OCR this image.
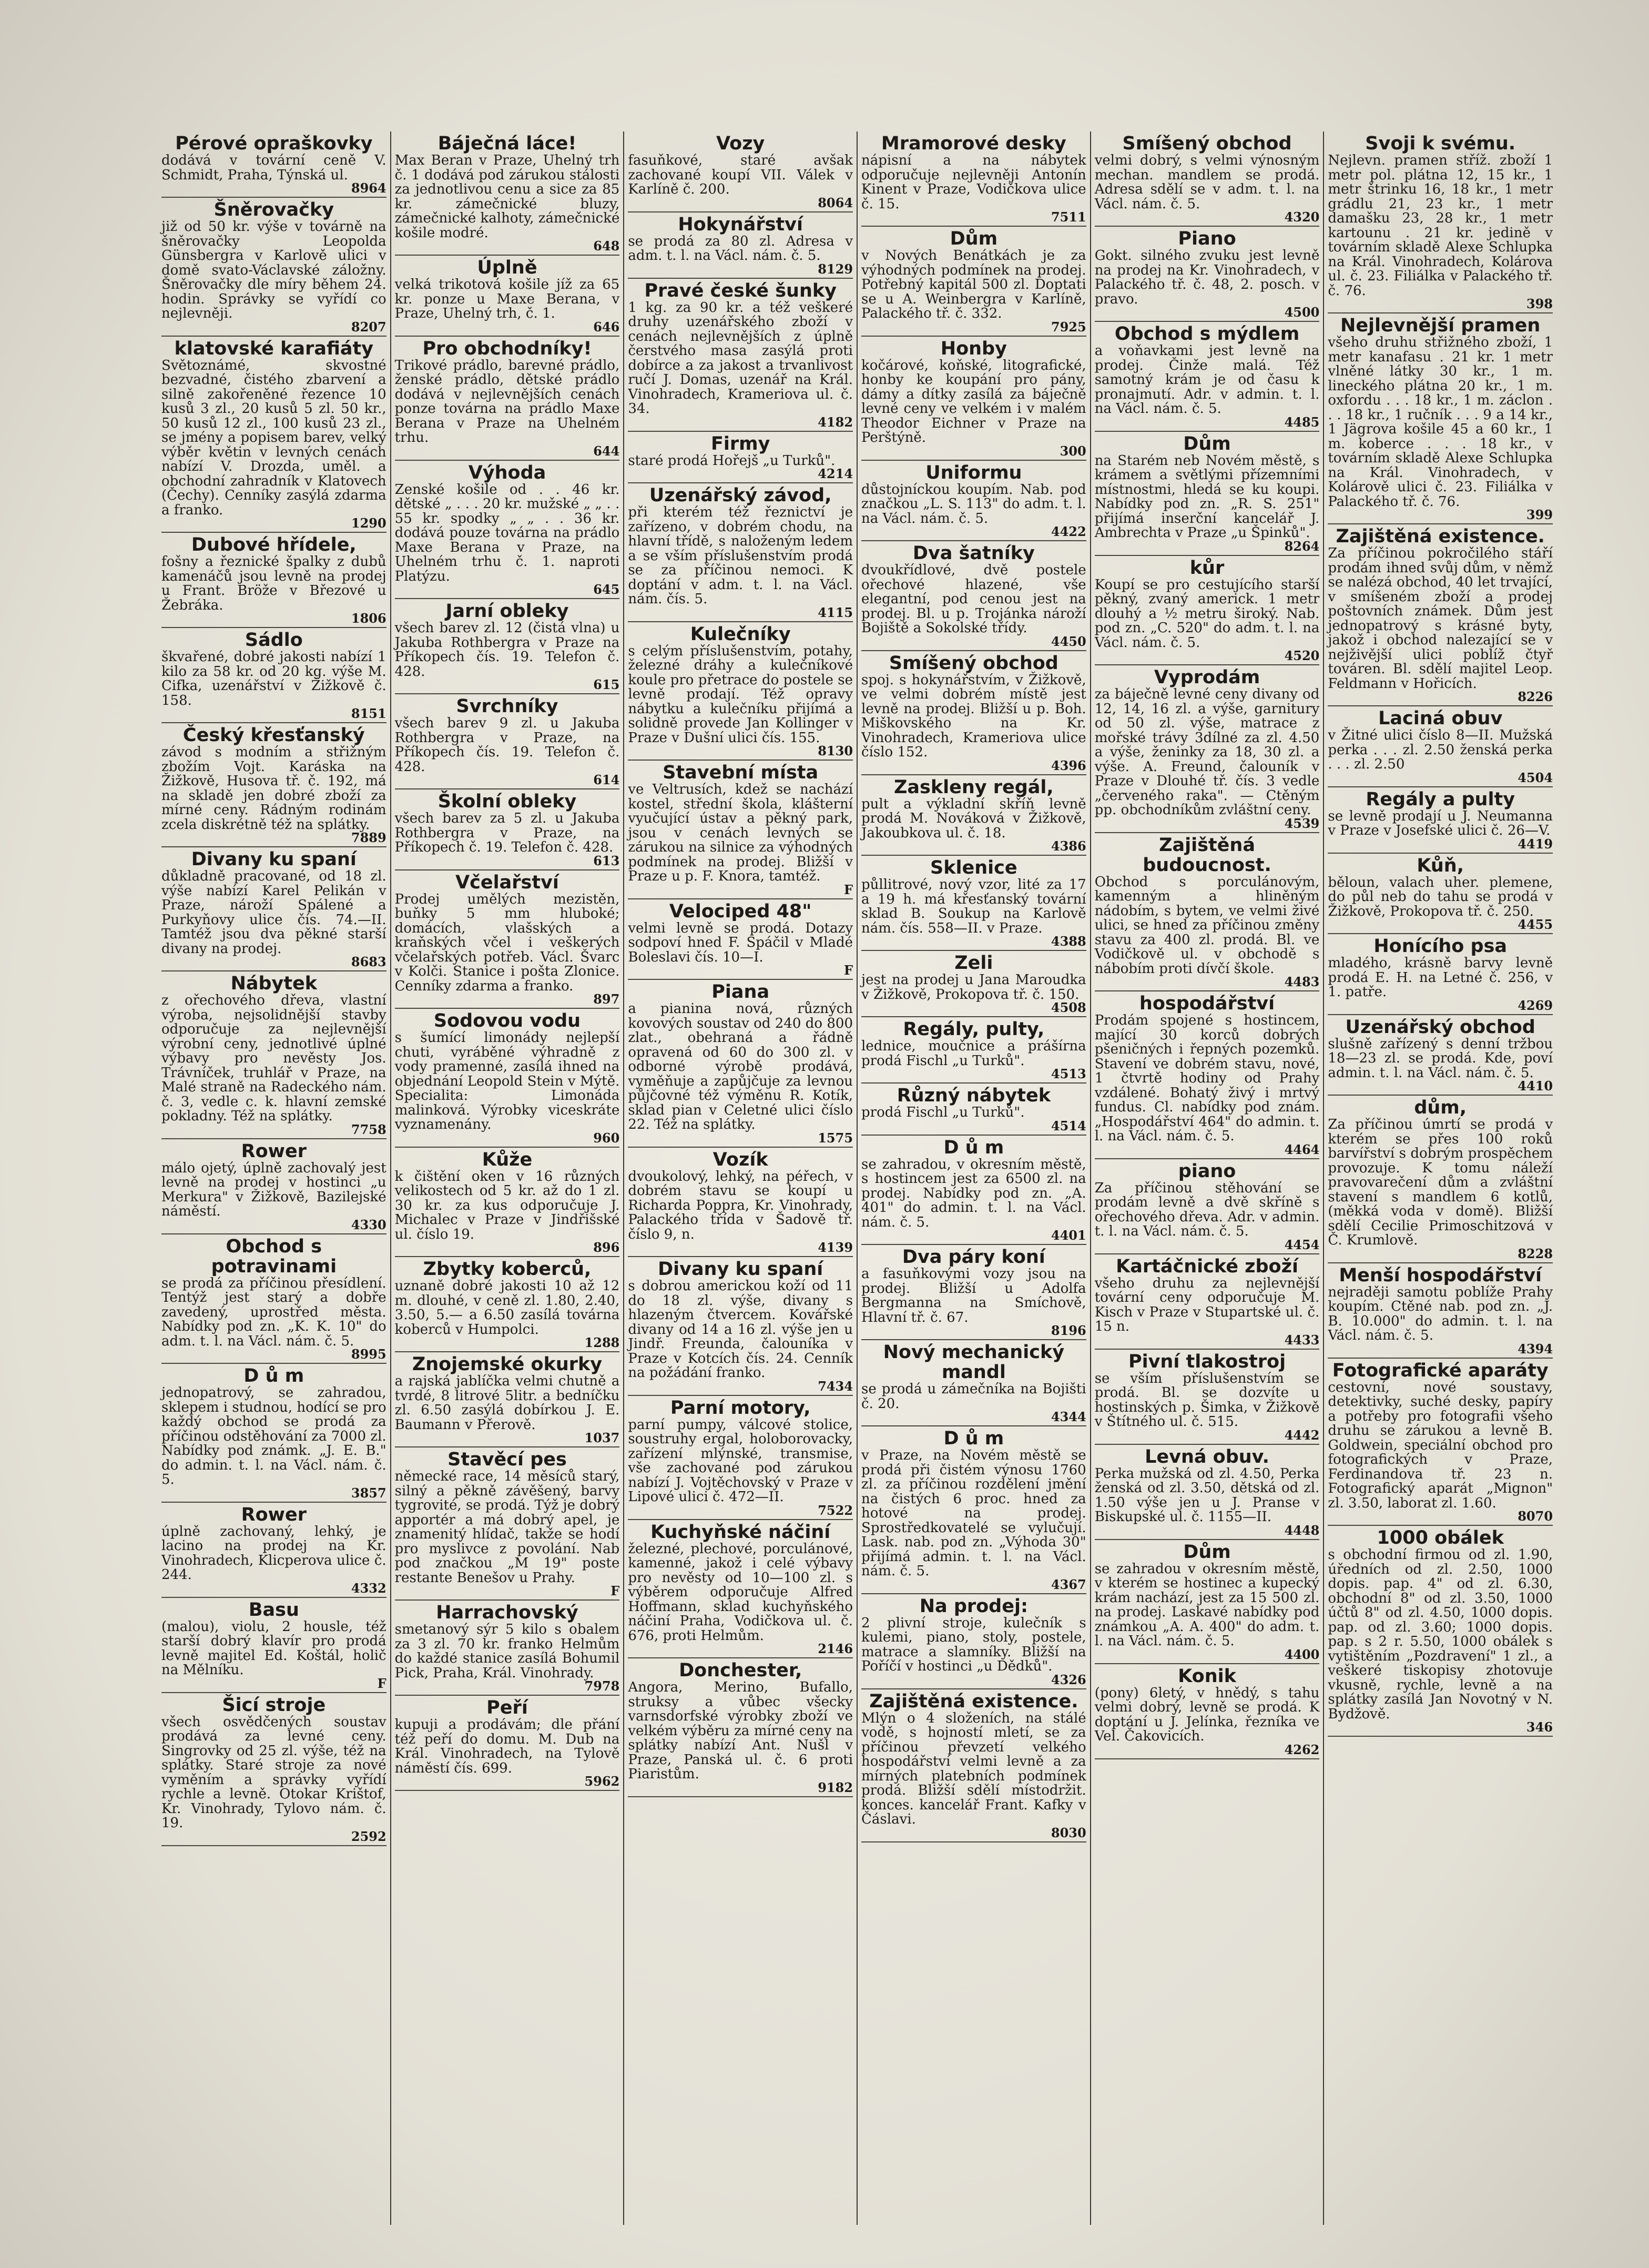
Pérové opraškovky

dodává v tovární ceně V. Schmidt, Praha, Týnská ul.

8964
Šněrovačky

již od 50 kr. výše v továrně na šněrovačky Leopolda Günsbergra v Karlově ulici v domě svato-Václavské záložny. Šněrovačky dle míry během 24. hodin. Správky se vyřídí co nejlevněji.

8207
klatovské karafiáty

Světoznámé, skvostné bezvadné, čistého zbarvení a silně zakořeněné řezence 10 kusů 3 zl., 20 kusů 5 zl. 50 kr., 50 kusů 12 zl., 100 kusů 23 zl., se jmény a popisem barev, velký výběr květin v levných cenách nabízí V. Drozda, uměl. a obchodní zahradník v Klatovech (Čechy). Cenníky zasýlá zdarma a franko.

1290
Dubové hřídele,

fošny a řeznické špalky z dubů kamenáčů jsou levně na prodej u Frant. Bröže v Březové u Žebráka.

1806
Sádlo

škvařené, dobré jakosti nabízí 1 kilo za 58 kr. od 20 kg. výše M. Cifka, uzenářství v Žižkově č. 158.

8151
Český křesťanský

závod s modním a střižným zbožím Vojt. Karáska na Žižkově, Husova tř. č. 192, má na skladě jen dobré zboží za mírné ceny. Rádným rodinám zcela diskrétně též na splátky.

7889
Divany ku spaní

důkladně pracované, od 18 zl. výše nabízí Karel Pelikán v Praze, nároží Spálené a Purkyňovy ulice čís. 74.—II. Tamtéž jsou dva pěkné starší divany na prodej.

8683
Nábytek

z ořechového dřeva, vlastní výroba, nejsolidnější stavby odporučuje za nejlevnější výrobní ceny, jednotlivé úplné výbavy pro nevěsty Jos. Trávníček, truhlář v Praze, na Malé straně na Radeckého nám. č. 3, vedle c. k. hlavní zemské pokladny. Též na splátky.

7758
Rower

málo ojetý, úplně zachovalý jest levně na prodej v hostinci „u Merkura" v Žižkově, Bazilejské náměstí.

4330
Obchod s potravinami

se prodá za příčinou přesídlení. Tentýž jest starý a dobře zavedený, uprostřed města. Nabídky pod zn. „K. K. 10" do adm. t. l. na Václ. nám. č. 5.

8995
D ů m

jednopatrový, se zahradou, sklepem i studnou, hodící se pro každý obchod se prodá za příčinou odstěhování za 7000 zl. Nabídky pod známk. „J. E. B." do admin. t. l. na Václ. nám. č. 5.

3857
Rower

úplně zachovaný, lehký, je lacino na prodej na Kr. Vinohradech, Klicperova ulice č. 244.

4332
Basu

(malou), violu, 2 housle, též starší dobrý klavír pro prodá levně majitel Ed. Koštál, holič na Mělníku.

F
Šicí stroje

všech osvědčených soustav prodává za levné ceny. Singrovky od 25 zl. výše, též na splátky. Staré stroje za nové vyměním a správky vyřídí rychle a levně. Otokar Krištof, Kr. Vinohrady, Tylovo nám. č. 19.

2592
Báječná láce!

Max Beran v Praze, Uhelný trh č. 1 dodává pod zárukou stálosti za jednotlivou cenu a sice za 85 kr. zámečnické bluzy, zámečnické kalhoty, zámečnické košile modré.

648
Úplně

velká trikotová košile jíž za 65 kr. ponze u Maxe Berana, v Praze, Uhelný trh, č. 1.

646
Pro obchodníky!

Trikové prádlo, barevné prádlo, ženské prádlo, dětské prádlo dodává v nejlevnějších cenách ponze továrna na prádlo Maxe Berana v Praze na Uhelném trhu.

644
Výhoda

Zenské košile od . . 46 kr. dětské „ . . . 20 kr. mužské „ „ . . 55 kr. spodky „ „ . . 36 kr. dodává pouze továrna na prádlo Maxe Berana v Praze, na Uhelném trhu č. 1. naproti Platýzu.

645
Jarní obleky

všech barev zl. 12 (čistá vlna) u Jakuba Rothbergra v Praze na Příkopech čís. 19. Telefon č. 428.

615
Svrchníky

všech barev 9 zl. u Jakuba Rothbergra v Praze, na Příkopech čís. 19. Telefon č. 428.

614
Školní obleky

všech barev za 5 zl. u Jakuba Rothbergra v Praze, na Příkopech č. 19. Telefon č. 428.

613
Včelařství

Prodej umělých mezistěn, buňky 5 mm hluboké; domácích, vlašských a kraňských včel i veškerých včelařských potřeb. Václ. Švarc v Kolči. Stanice i pošta Zlonice. Cenníky zdarma a franko.

897
Sodovou vodu

s šumící limonády nejlepší chuti, vyráběné výhradně z vody pramenné, zasílá ihned na objednání Leopold Stein v Mýtě. Specialita: Limonáda malinková. Výrobky viceskráte vyznamenány.

960
Kůže

k čištění oken v 16 různých velikostech od 5 kr. až do 1 zl. 30 kr. za kus odporučuje J. Michalec v Praze v Jindřišské ul. číslo 19.

896
Zbytky koberců,

uznaně dobré jakosti 10 až 12 m. dlouhé, v ceně zl. 1.80, 2.40, 3.50, 5.— a 6.50 zasílá továrna koberců v Humpolci.

1288
Znojemské okurky

a rajská jablíčka velmi chutně a tvrdé, 8 litrové 5litr. a bedníčku zl. 6.50 zasýlá dobírkou J. E. Baumann v Přerově.

1037
Stavěcí pes

německé race, 14 měsíců starý, silný a pěkně závěšený, barvy tygrovité, se prodá. Týž je dobrý apportér a má dobrý apel, je znamenitý hlídač, takže se hodí pro myslivce z povolání. Nab pod značkou „M 19" poste restante Benešov u Prahy.

F
Harrachovský

smetanový sýr 5 kilo s obalem za 3 zl. 70 kr. franko Helmům do každé stanice zasílá Bohumil Pick, Praha, Král. Vinohrady.

7978
Peří

kupuji a prodávám; dle přání též peří do domu. M. Dub na Král. Vinohradech, na Tylově náměstí čís. 699.

5962
Vozy

fasuňkové, staré avšak zachované koupí VII. Válek v Karlíně č. 200.

8064
Hokynářství

se prodá za 80 zl. Adresa v adm. t. l. na Václ. nám. č. 5.

8129
Pravé české šunky

1 kg. za 90 kr. a též veškeré druhy uzenářského zboží v cenách nejlevnějších z úplně čerstvého masa zasýlá proti dobírce a za jakost a trvanlivost ručí J. Domas, uzenář na Král. Vinohradech, Krameriova ul. č. 34.

4182
Firmy

staré prodá Hořejš „u Turků".

4214
Uzenářský závod,

při kterém též řeznictví je zařízeno, v dobrém chodu, na hlavní třídě, s naloženým ledem a se vším příslušenstvím prodá se za příčinou nemoci. K doptání v adm. t. l. na Václ. nám. čís. 5.

4115
Kulečníky

s celým příslušenstvím, potahy, železné dráhy a kulečníkové koule pro přetrace do postele se levně prodají. Též opravy nábytku a kulečníku přijímá a solidně provede Jan Kollinger v Praze v Dušní ulici čís. 155.

8130
Stavební místa

ve Veltrusích, kdež se nachází kostel, střední škola, klášterní vyučující ústav a pěkný park, jsou v cenách levných se zárukou na silnice za výhodných podmínek na prodej. Bližší v Praze u p. F. Knora, tamtéž.

F
Velociped 48"

velmi levně se prodá. Dotazy sodpoví hned F. Spáčil v Mladé Boleslavi čís. 10—I.

F
Piana

a pianina nová, různých kovových soustav od 240 do 800 zlat., obehraná a řádně opravená od 60 do 300 zl. v odborné výrobě prodává, vyměňuje a zapůjčuje za levnou půjčovné též výměnu R. Kotík, sklad pian v Celetné ulici číslo 22. Též na splátky.

1575
Vozík

dvoukolový, lehký, na péřech, v dobrém stavu se koupí u Richarda Poppra, Kr. Vinohrady, Palackého třída v Šadově tř. číslo 9, n.

4139
Divany ku spaní

s dobrou americkou koží od 11 do 18 zl. výše, divany s hlazeným čtvercem. Kovářské divany od 14 a 16 zl. výše jen u Jindř. Freunda, čalouníka v Praze v Kotcích čís. 24. Cenník na požádání franko.

7434
Parní motory,

parní pumpy, válcové stolice, soustruhy ergal, holoborovacky, zařízení mlýnské, transmise, vše zachované pod zárukou nabízí J. Vojtěchovský v Praze v Lipové ulici č. 472—II.

7522
Kuchyňské náčiní

železné, plechové, porculánové, kamenné, jakož i celé výbavy pro nevěsty od 10—100 zl. s výběrem odporučuje Alfred Hoffmann, sklad kuchyňského náčiní Praha, Vodičkova ul. č. 676, proti Helmům.

2146
Donchester,

Angora, Merino, Bufallo, struksy a vůbec všecky varnsdorfské výrobky zboží ve velkém výběru za mírné ceny na splátky nabízí Ant. Nušl v Praze, Panská ul. č. 6 proti Piaristům.

9182
Mramorové desky

nápisní a na nábytek odporučuje nejlevněji Antonín Kinent v Praze, Vodičkova ulice č. 15.

7511
Dům

v Nových Benátkách je za výhodných podmínek na prodej. Potřebný kapitál 500 zl. Doptati se u A. Weinbergra v Karlíně, Palackého tř. č. 332.

7925
Honby

kočárové, koňské, litografické, honby ke koupání pro pány, dámy a dítky zasílá za báječně levné ceny ve velkém i v malém Theodor Eichner v Praze na Perštýně.

300
Uniformu

důstojníckou koupím. Nab. pod značkou „L. S. 113" do adm. t. l. na Václ. nám. č. 5.

4422
Dva šatníky

dvoukřídlové, dvě postele ořechové hlazené, vše elegantní, pod cenou jest na prodej. Bl. u p. Trojánka nároží Bojiště a Sokolské třídy.

4450
Smíšený obchod

spoj. s hokynářstvím, v Žižkově, ve velmi dobrém místě jest levně na prodej. Bližší u p. Boh. Miškovského na Kr. Vinohradech, Krameriova ulice číslo 152.

4396
Zaskleny regál,

pult a výkladní skříň levně prodá M. Nováková v Žižkově, Jakoubkova ul. č. 18.

4386
Sklenice

půllitrové, nový vzor, lité za 17 a 19 h. má křesťanský tovární sklad B. Soukup na Karlově nám. čís. 558—II. v Praze.

4388
Zeli

jest na prodej u Jana Maroudka v Žižkově, Prokopova tř. č. 150.

4508
Regály, pulty,

lednice, moučnice a prášírna prodá Fischl „u Turků".

4513
Různý nábytek

prodá Fischl „u Turků".

4514
D ů m

se zahradou, v okresním městě, s hostincem jest za 6500 zl. na prodej. Nabídky pod zn. „A. 401" do admin. t. l. na Václ. nám. č. 5.

4401
Dva páry koní

a fasuňkovými vozy jsou na prodej. Bližší u Adolfa Bergmanna na Smíchově, Hlavní tř. č. 67.

8196
Nový mechanický mandl

se prodá u zámečníka na Bojišti č. 20.

4344
D ů m

v Praze, na Novém městě se prodá při čistém výnosu 1760 zl. za příčinou rozdělení jmění na čistých 6 proc. hned za hotové na prodej. Sprostředkovatelé se vylučují. Lask. nab. pod zn. „Výhoda 30" přijímá admin. t. l. na Václ. nám. č. 5.

4367
Na prodej:

2 plivní stroje, kulečník s kulemi, piano, stoly, postele, matrace a slamníky. Bližší na Poříčí v hostinci „u Dědků".

4326
Zajištěná existence.

Mlýn o 4 složeních, na stálé vodě, s hojností mletí, se za příčinou převzetí velkého hospodářství velmi levně a za mírných platebních podmínek prodá. Bližší sdělí místodržit. konces. kancelář Frant. Kafky v Čáslavi.

8030
Smíšený obchod

velmi dobrý, s velmi výnosným mechan. mandlem se prodá. Adresa sdělí se v adm. t. l. na Václ. nám. č. 5.

4320
Piano

Gokt. silného zvuku jest levně na prodej na Kr. Vinohradech, v Palackého tř. č. 48, 2. posch. v pravo.

4500
Obchod s mýdlem

a voňavkami jest levně na prodej. Činže malá. Též samotný krám je od času k pronajmutí. Adr. v admin. t. l. na Václ. nám. č. 5.

4485
Dům

na Starém neb Novém městě, s krámem a světlými přízemními místnostmi, hledá se ku koupi. Nabídky pod zn. „R. S. 251" přijímá inserční kancelář J. Ambrechta v Praze „u Špinků".

8264
kůr

Koupí se pro cestujícího starší pěkný, zvaný americk. 1 metr dlouhý a ½ metru široký. Nab. pod zn. „C. 520" do adm. t. l. na Václ. nám. č. 5.

4520
Vyprodám

za báječně levné ceny divany od 12, 14, 16 zl. a výše, garnitury od 50 zl. výše, matrace z mořské trávy 3dílné za zl. 4.50 a výše, ženinky za 18, 30 zl. a výše. A. Freund, čalouník v Praze v Dlouhé tř. čís. 3 vedle „červeného raka". — Ctěným pp. obchodníkům zvláštní ceny.

4539
Zajištěná budoucnost.

Obchod s porculánovým, kamenným a hliněným nádobím, s bytem, ve velmi živé ulici, se hned za příčinou změny stavu za 400 zl. prodá. Bl. ve Vodičkově ul. v obchodě s nábobím proti dívčí škole.

4483
hospodářství

Prodám spojené s hostincem, mající 30 korců dobrých pšeničných i řepných pozemků. Stavení ve dobrém stavu, nové, 1 čtvrtě hodiny od Prahy vzdálené. Bohatý živý i mrtvý fundus. Cl. nabídky pod znám. „Hospodářství 464" do admin. t. l. na Václ. nám. č. 5.

4464
piano

Za příčinou stěhování se prodám levně a dvě skříně s ořechového dřeva. Adr. v admin. t. l. na Václ. nám. č. 5.

4454
Kartáčnické zboží

všeho druhu za nejlevnější tovární ceny odporučuje M. Kisch v Praze v Stupartské ul. č. 15 n.

4433
Pivní tlakostroj

se vším příslušenstvím se prodá. Bl. se dozvíte u hostinských p. Šimka, v Žižkově v Štítného ul. č. 515.

4442
Levná obuv.

Perka mužská od zl. 4.50, Perka ženská od zl. 3.50, dětská od zl. 1.50 výše jen u J. Pranse v Biskupské ul. č. 1155—II.

4448
Dům

se zahradou v okresním městě, v kterém se hostinec a kupecký krám nachází, jest za 15 500 zl. na prodej. Laskavé nabídky pod známkou „A. A. 400" do adm. t. l. na Václ. nám. č. 5.

4400
Konik

(pony) 6letý, v hnědý, s tahu velmi dobrý, levně se prodá. K doptání u J. Jelínka, řezníka ve Vel. Čakovicích.

4262
Svoji k svému.

Nejlevn. pramen stříž. zboží 1 metr pol. plátna 12, 15 kr., 1 metr štrinku 16, 18 kr., 1 metr grádlu 21, 23 kr., 1 metr damašku 23, 28 kr., 1 metr kartounu . 21 kr. jedině v továrním skladě Alexe Schlupka na Král. Vinohradech, Kolárova ul. č. 23. Filiálka v Palackého tř. č. 76.

398
Nejlevnější pramen

všeho druhu střižného zboží, 1 metr kanafasu . 21 kr. 1 metr vlněné látky 30 kr., 1 m. lineckého plátna 20 kr., 1 m. oxfordu . . . 18 kr., 1 m. záclon . . . 18 kr., 1 ručník . . . 9 a 14 kr., 1 Jägrova košile 45 a 60 kr., 1 m. koberce . . . 18 kr., v továrním skladě Alexe Schlupka na Král. Vinohradech, v Kolárově ulici č. 23. Filiálka v Palackého tř. č. 76.

399
Zajištěná existence.

Za příčinou pokročilého stáří prodám ihned svůj dům, v němž se nalézá obchod, 40 let trvající, v smíšeném zboží a prodej poštovních známek. Dům jest jednopatrový s krásné byty, jakož i obchod nalezající se v nejživější ulici poblíž čtyř továren. Bl. sdělí majitel Leop. Feldmann v Hořicích.

8226
Laciná obuv

v Žitné ulici číslo 8—II. Mužská perka . . . zl. 2.50 ženská perka . . . zl. 2.50

4504
Regály a pulty

se levně prodají u J. Neumanna v Praze v Josefské ulici č. 26—V.

4419
Kůň,

běloun, valach uher. plemene, do půl neb do tahu se prodá v Žižkově, Prokopova tř. č. 250.

4455
Honícího psa

mladého, krásně barvy levně prodá E. H. na Letné č. 256, v 1. patře.

4269
Uzenářský obchod

slušně zařízený s denní tržbou 18—23 zl. se prodá. Kde, poví admin. t. l. na Václ. nám. č. 5.

4410
dům,

Za příčinou úmrtí se prodá v kterém se přes 100 roků barvířství s dobrým prospěchem provozuje. K tomu náleží pravovarečení dům a zvláštní stavení s mandlem 6 kotlů, (měkká voda v domě). Bližší sdělí Cecilie Primoschitzová v Č. Krumlově.

8228
Menší hospodářství

nejraději samotu poblíže Prahy koupím. Ctěné nab. pod zn. „J. B. 10.000" do admin. t. l. na Václ. nám. č. 5.

4394
Fotografické aparáty

cestovní, nové soustavy, detektivky, suché desky, papíry a potřeby pro fotografii všeho druhu se zárukou a levně B. Goldwein, speciální obchod pro fotografických v Praze, Ferdinandova tř. 23 n. Fotografický aparát „Mignon" zl. 3.50, laborat zl. 1.60.

8070
1000 obálek

s obchodní firmou od zl. 1.90, úředních od zl. 2.50, 1000 dopis. pap. 4" od zl. 6.30, obchodní 8" od zl. 3.50, 1000 účtů 8" od zl. 4.50, 1000 dopis. pap. od zl. 3.60; 1000 dopis. pap. s 2 r. 5.50, 1000 obálek s vytištěním „Pozdravení" 1 zl., a veškeré tiskopisy zhotovuje vkusně, rychle, levně a na splátky zasílá Jan Novotný v N. Bydžově.

346
